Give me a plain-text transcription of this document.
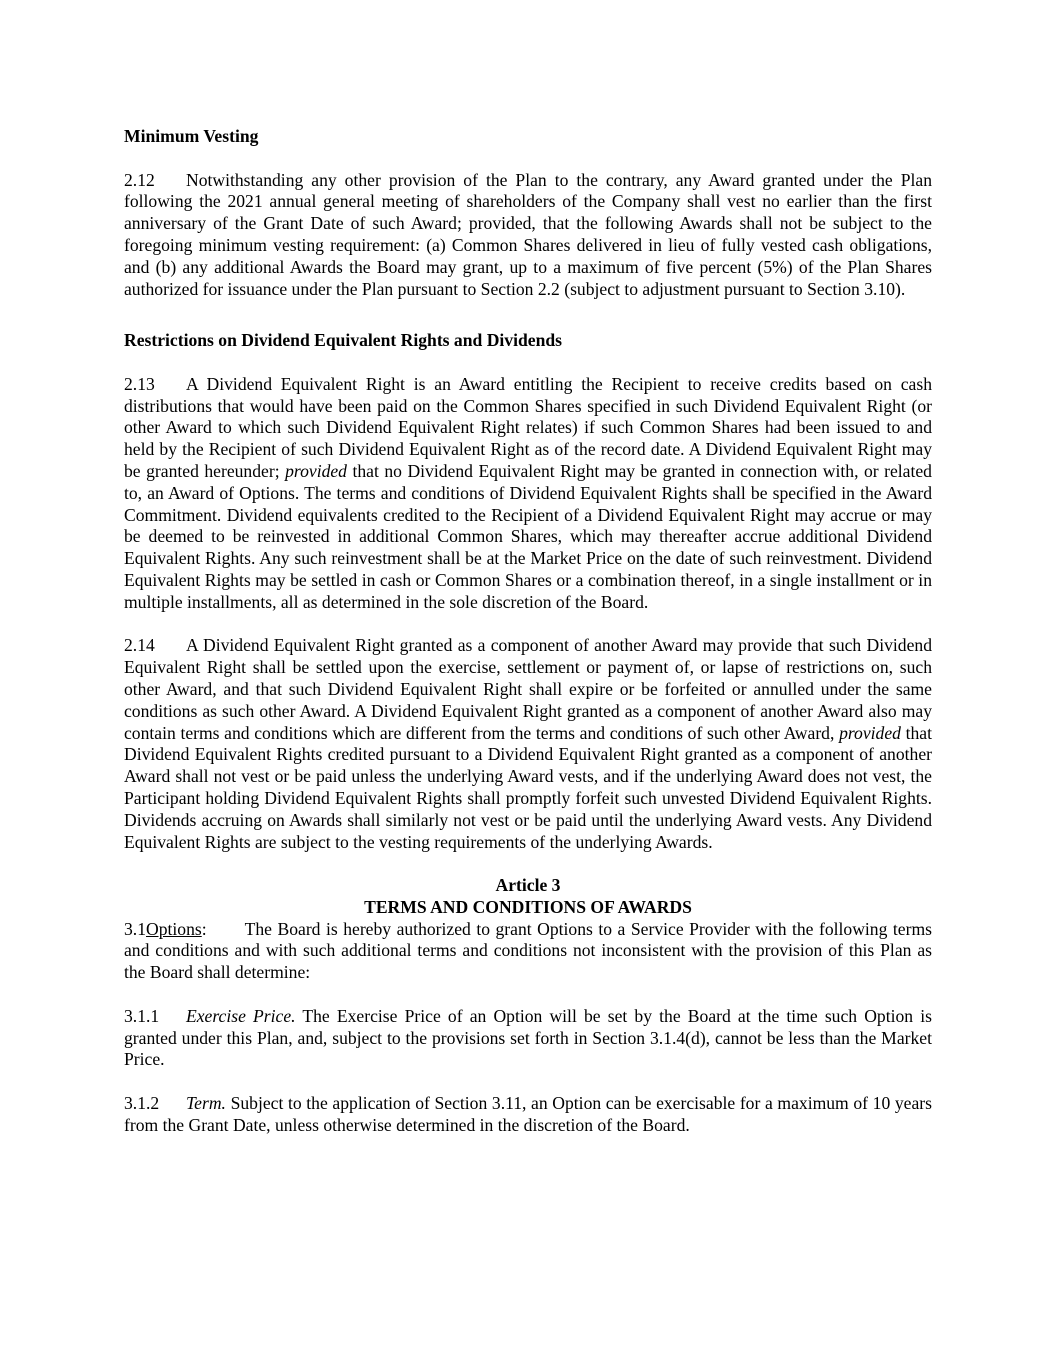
Minimum Vesting

2.12 Notwithstanding any other provision of the Plan to the contrary, any Award granted under the Plan following the 2021 annual general meeting of shareholders of the Company shall vest no earlier than the first anniversary of the Grant Date of such Award; provided, that the following Awards shall not be subject to the foregoing minimum vesting requirement: (a) Common Shares delivered in lieu of fully vested cash obligations, and (b) any additional Awards the Board may grant, up to a maximum of five percent (5%) of the Plan Shares authorized for issuance under the Plan pursuant to Section 2.2 (subject to adjustment pursuant to Section 3.10).

Restrictions on Dividend Equivalent Rights and Dividends

2.13 A Dividend Equivalent Right is an Award entitling the Recipient to receive credits based on cash distributions that would have been paid on the Common Shares specified in such Dividend Equivalent Right (or other Award to which such Dividend Equivalent Right relates) if such Common Shares had been issued to and held by the Recipient of such Dividend Equivalent Right as of the record date. A Dividend Equivalent Right may be granted hereunder; provided that no Dividend Equivalent Right may be granted in connection with, or related to, an Award of Options. The terms and conditions of Dividend Equivalent Rights shall be specified in the Award Commitment. Dividend equivalents credited to the Recipient of a Dividend Equivalent Right may accrue or may be deemed to be reinvested in additional Common Shares, which may thereafter accrue additional Dividend Equivalent Rights. Any such reinvestment shall be at the Market Price on the date of such reinvestment. Dividend Equivalent Rights may be settled in cash or Common Shares or a combination thereof, in a single installment or in multiple installments, all as determined in the sole discretion of the Board.

2.14 A Dividend Equivalent Right granted as a component of another Award may provide that such Dividend Equivalent Right shall be settled upon the exercise, settlement or payment of, or lapse of restrictions on, such other Award, and that such Dividend Equivalent Right shall expire or be forfeited or annulled under the same conditions as such other Award. A Dividend Equivalent Right granted as a component of another Award also may contain terms and conditions which are different from the terms and conditions of such other Award, provided that Dividend Equivalent Rights credited pursuant to a Dividend Equivalent Right granted as a component of another Award shall not vest or be paid unless the underlying Award vests, and if the underlying Award does not vest, the Participant holding Dividend Equivalent Rights shall promptly forfeit such unvested Dividend Equivalent Rights. Dividends accruing on Awards shall similarly not vest or be paid until the underlying Award vests. Any Dividend Equivalent Rights are subject to the vesting requirements of the underlying Awards.

Article 3

TERMS AND CONDITIONS OF AWARDS

3.1Options: The Board is hereby authorized to grant Options to a Service Provider with the following terms and conditions and with such additional terms and conditions not inconsistent with the provision of this Plan as the Board shall determine:

3.1.1 Exercise Price. The Exercise Price of an Option will be set by the Board at the time such Option is granted under this Plan, and, subject to the provisions set forth in Section 3.1.4(d), cannot be less than the Market Price.

3.1.2 Term. Subject to the application of Section 3.11, an Option can be exercisable for a maximum of 10 years from the Grant Date, unless otherwise determined in the discretion of the Board.
